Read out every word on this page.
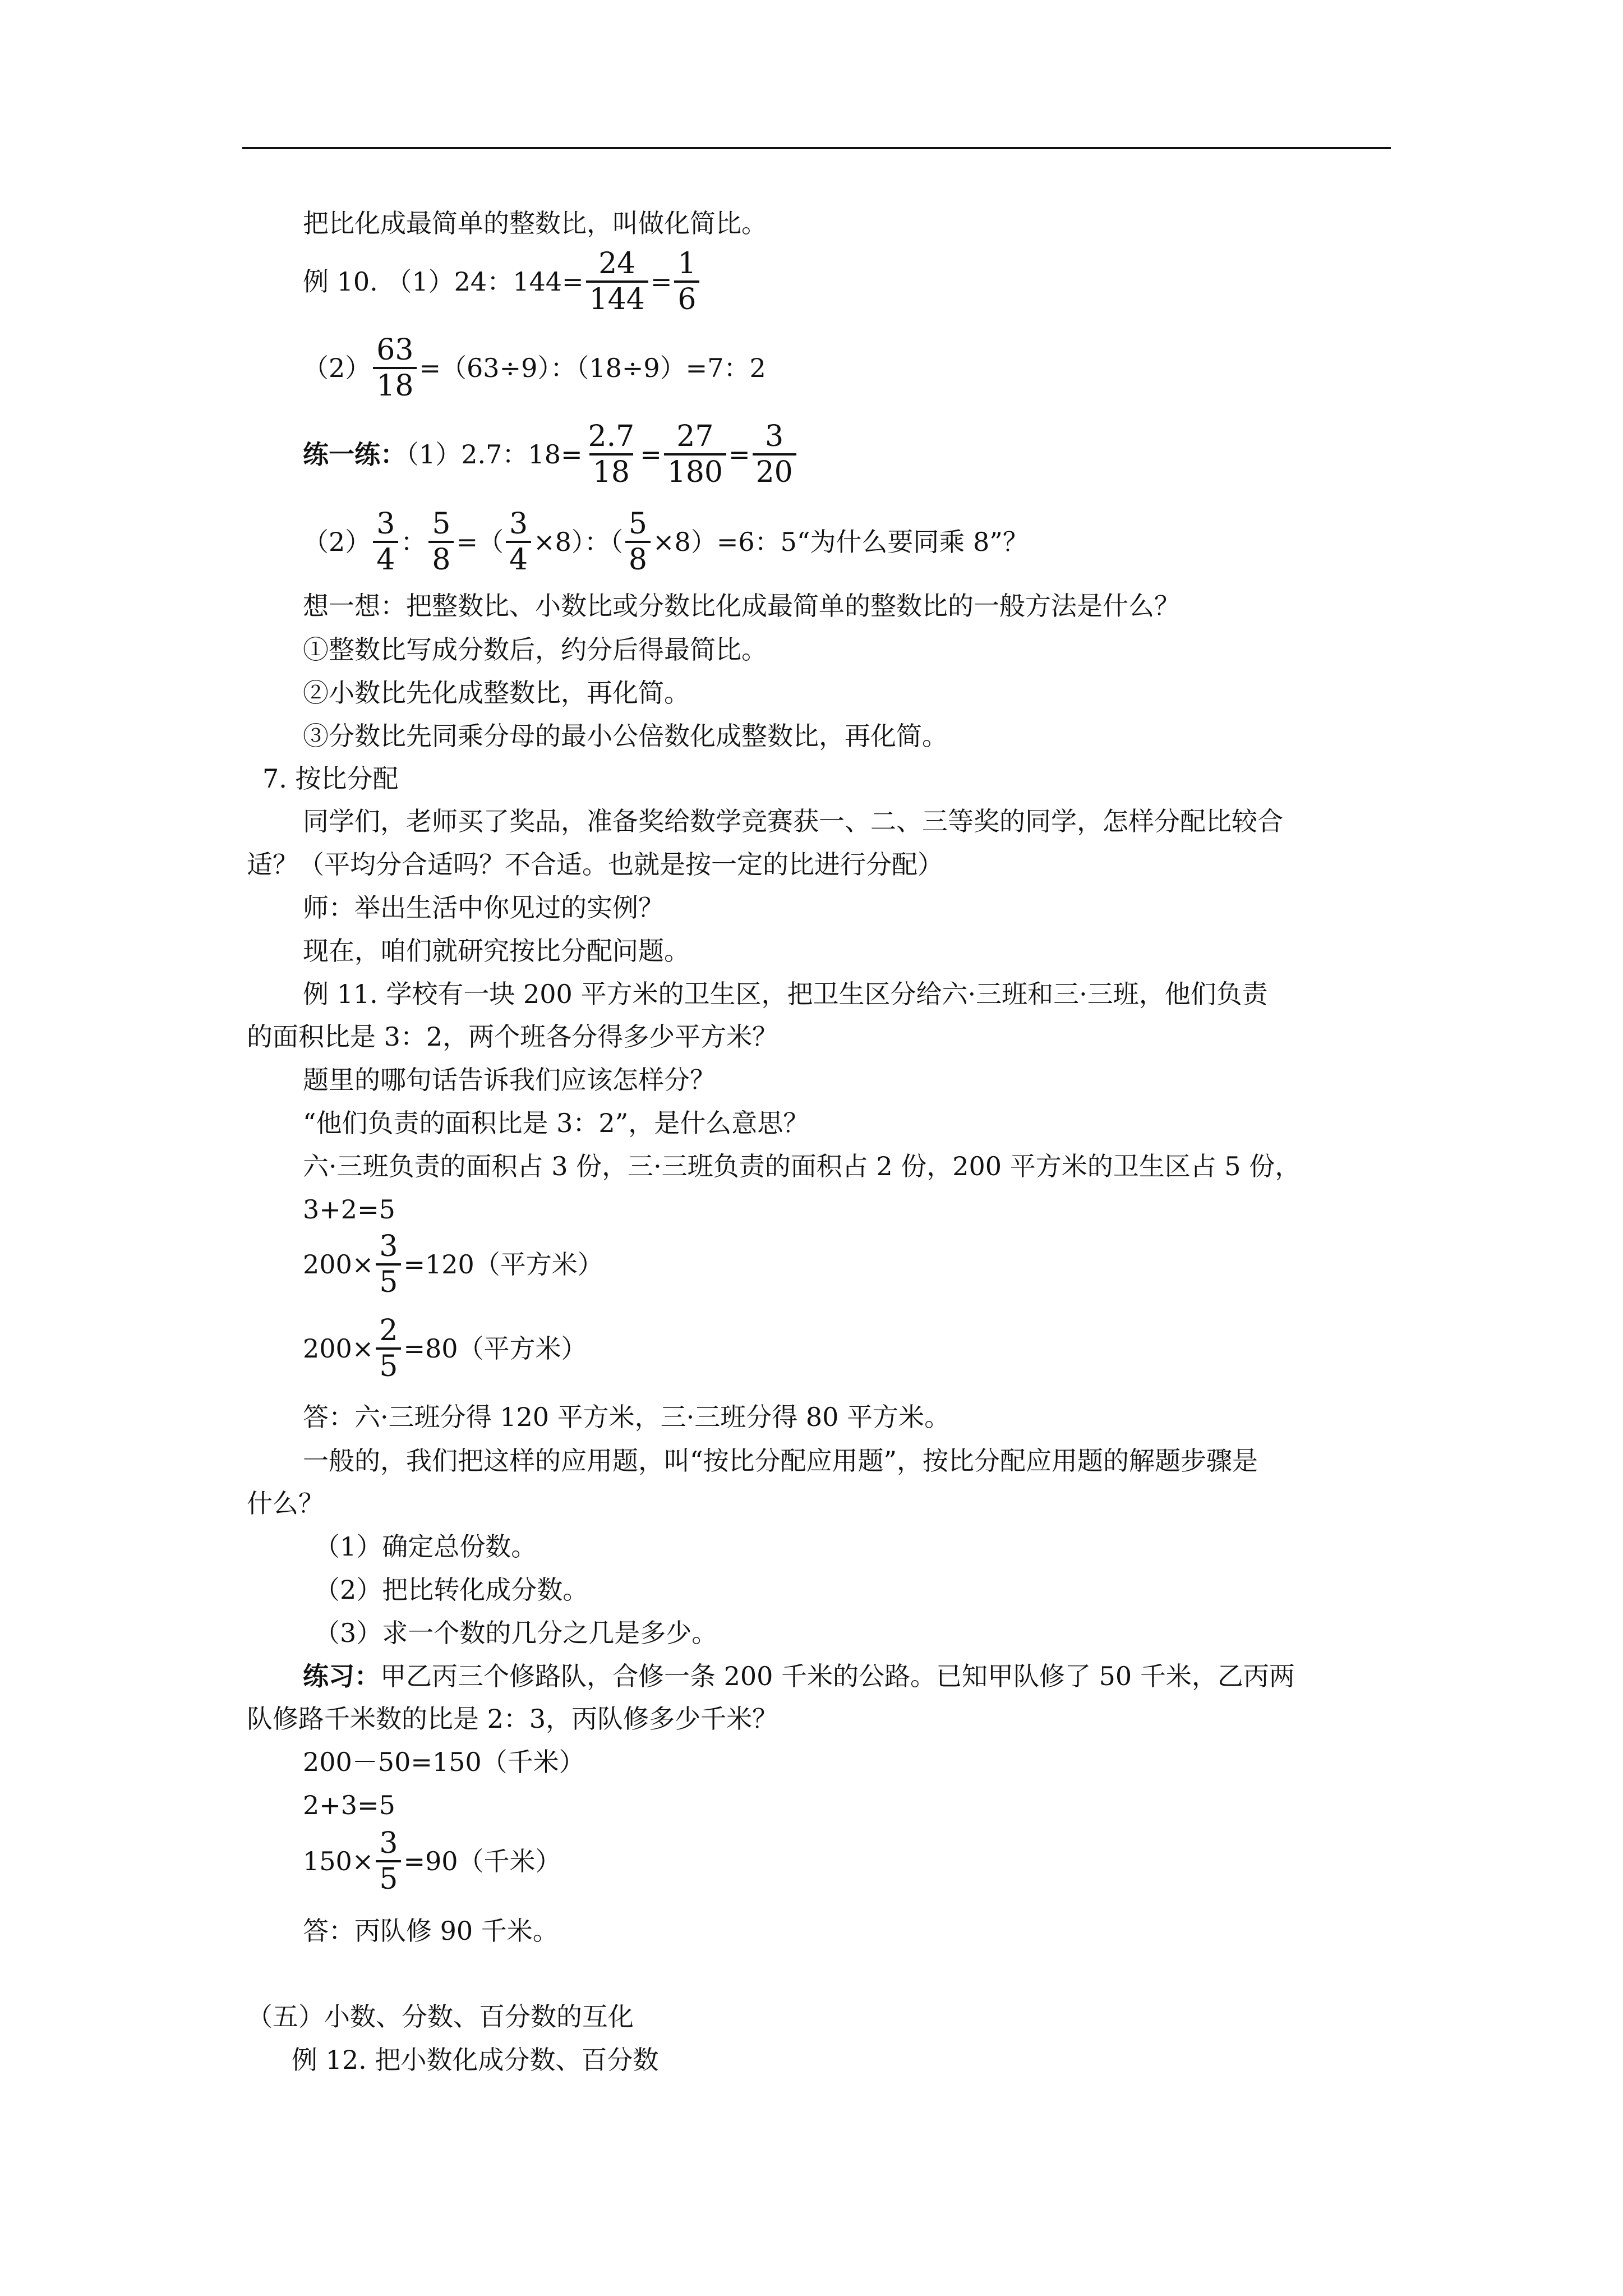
把比化成最简单的整数比，叫做化简比。
例 10. （1）24：$144= \frac{24}{144} = \frac{1}{6}$
$(2) \frac{63}{18} =(63\div 9)$：（18÷9）=7：2
练一练：（1）2.7：$18= \frac{2.7}{18} = \frac{27}{180} = \frac{3}{20}$
$(2) \frac{3}{4}$ ： $\frac{5}{8}$ =（ $\frac{3}{4} \times 8$）：（ $\frac{5}{8} \times 8)=6$：5“为什么要同乘 8”？
想一想：把整数比、小数比或分数比化成最简单的整数比的一般方法是什么？
①整数比写成分数后，约分后得最简比。
②小数比先化成整数比，再化简。
③分数比先同乘分母的最小公倍数化成整数比，再化简。
7. 按比分配
同学们，老师买了奖品，准备奖给数学竞赛获一、二、三等奖的同学，怎样分配比较合
适？（平均分合适吗？不合适。也就是按一定的比进行分配）
师：举出生活中你见过的实例？
现在，咱们就研究按比分配问题。
例 11. 学校有一块 200 平方米的卫生区，把卫生区分给六·三班和三·三班，他们负责
的面积比是 3：2，两个班各分得多少平方米？
题里的哪句话告诉我们应该怎样分？
“他们负责的面积比是 3：2”，是什么意思？
六·三班负责的面积占 3 份，三·三班负责的面积占 2 份，200 平方米的卫生区占 5 份，
3+2=5
$200\times \frac{3}{5} =120$（平方米）
$200\times \frac{2}{5} =80$（平方米）
答：六·三班分得 120 平方米，三·三班分得 80 平方米。
一般的，我们把这样的应用题，叫“按比分配应用题”，按比分配应用题的解题步骤是
什么？
（1）确定总份数。
（2）把比转化成分数。
（3）求一个数的几分之几是多少。
练习：甲乙丙三个修路队，合修一条 200 千米的公路。已知甲队修了 50 千米，乙丙两
队修路千米数的比是 2：3，丙队修多少千米？
200－50=150（千米）
2+3=5
$150\times \frac{3}{5} =90$（千米）
答：丙队修 90 千米。
（五）小数、分数、百分数的互化
例 12. 把小数化成分数、百分数
